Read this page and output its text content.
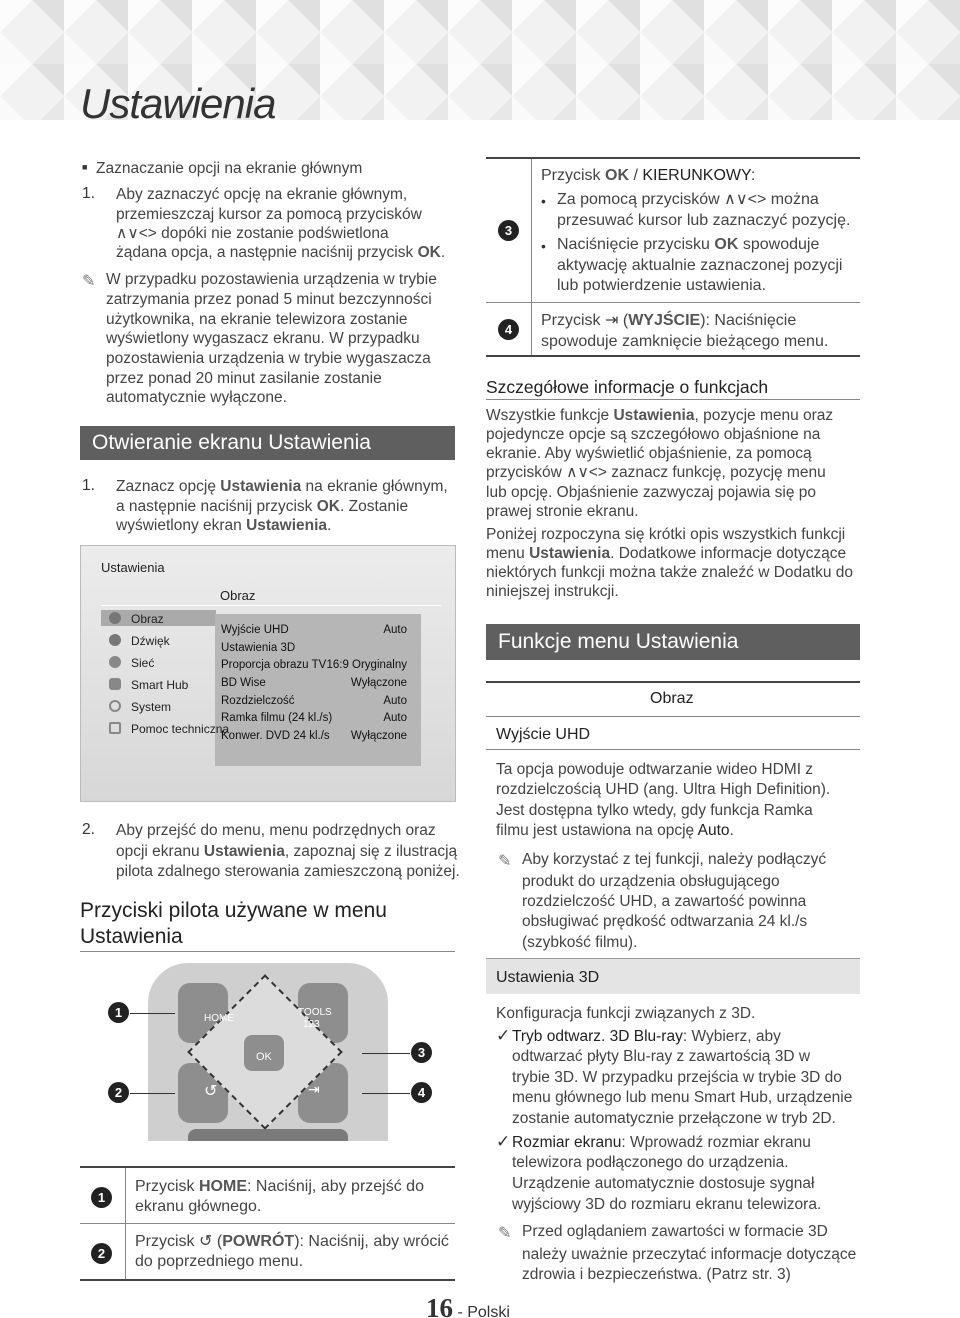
Ustawienia
■ Zaznaczanie opcji na ekranie głównym
1. Aby zaznaczyć opcję na ekranie głównym,
przemieszczaj kursor za pomocą przycisków
∧∨<> dopóki nie zostanie podświetlona
żądana opcja, a następnie naciśnij przycisk OK.
✎ W przypadku pozostawienia urządzenia w trybie
zatrzymania przez ponad 5 minut bezczynności
użytkownika, na ekranie telewizora zostanie
wyświetlony wygaszacz ekranu. W przypadku
pozostawienia urządzenia w trybie wygaszacza
przez ponad 20 minut zasilanie zostanie
automatycznie wyłączone.
Otwieranie ekranu Ustawienia
1. Zaznacz opcję Ustawienia na ekranie głównym,
a następnie naciśnij przycisk OK. Zostanie
wyświetlony ekran Ustawienia.
Ustawienia
Obraz
Obraz
Dźwięk
Sieć
Smart Hub
System
Pomoc techniczna
Wyjście UHD	Auto
Ustawienia 3D
Proporcja obrazu TV 16:9 Oryginalny
BD Wise	Wyłączone
Rozdzielczość	Auto
Ramka filmu (24 kl./s)	Auto
Konwer. DVD 24 kl./s Wyłączone
2. Aby przejść do menu, menu podrzędnych oraz
opcji ekranu Ustawienia, zapoznaj się z ilustracją
pilota zdalnego sterowania zamieszczoną poniżej.
Przyciski pilota używane w menu
Ustawienia
HOME
TOOLS
123
OK
↺	⇥
1
2
3
4
1
Przycisk HOME: Naciśnij, aby przejść do
ekranu głównego.
2
Przycisk ↺ (POWRÓT): Naciśnij, aby wrócić
do poprzedniego menu.
3
Przycisk OK / KIERUNKOWY:
• Za pomocą przycisków ∧∨<> można
przesuwać kursor lub zaznaczyć pozycję.
• Naciśnięcie przycisku OK spowoduje
aktywację aktualnie zaznaczonej pozycji
lub potwierdzenie ustawienia.
4
Przycisk ⇥ (WYJŚCIE): Naciśnięcie
spowoduje zamknięcie bieżącego menu.
Szczegółowe informacje o funkcjach
Wszystkie funkcje Ustawienia, pozycje menu oraz
pojedyncze opcje są szczegółowo objaśnione na
ekranie. Aby wyświetlić objaśnienie, za pomocą
przycisków ∧∨<> zaznacz funkcję, pozycję menu
lub opcję. Objaśnienie zazwyczaj pojawia się po
prawej stronie ekranu.
Poniżej rozpoczyna się krótki opis wszystkich funkcji
menu Ustawienia. Dodatkowe informacje dotyczące
niektórych funkcji można także znaleźć w Dodatku do
niniejszej instrukcji.
Funkcje menu Ustawienia
Obraz
Wyjście UHD
Ta opcja powoduje odtwarzanie wideo HDMI z
rozdzielczością UHD (ang. Ultra High Definition).
Jest dostępna tylko wtedy, gdy funkcja Ramka
filmu jest ustawiona na opcję Auto.
✎ Aby korzystać z tej funkcji, należy podłączyć
produkt do urządzenia obsługującego
rozdzielczość UHD, a zawartość powinna
obsługiwać prędkość odtwarzania 24 kl./s
(szybkość filmu).
Ustawienia 3D
Konfiguracja funkcji związanych z 3D.
✓ Tryb odtwarz. 3D Blu-ray: Wybierz, aby
odtwarzać płyty Blu-ray z zawartością 3D w
trybie 3D. W przypadku przejścia w trybie 3D do
menu głównego lub menu Smart Hub, urządzenie
zostanie automatycznie przełączone w tryb 2D.
✓ Rozmiar ekranu: Wprowadź rozmiar ekranu
telewizora podłączonego do urządzenia.
Urządzenie automatycznie dostosuje sygnał
wyjściowy 3D do rozmiaru ekranu telewizora.
✎ Przed oglądaniem zawartości w formacie 3D
należy uważnie przeczytać informacje dotyczące
zdrowia i bezpieczeństwa. (Patrz str. 3)
16 - Polski
